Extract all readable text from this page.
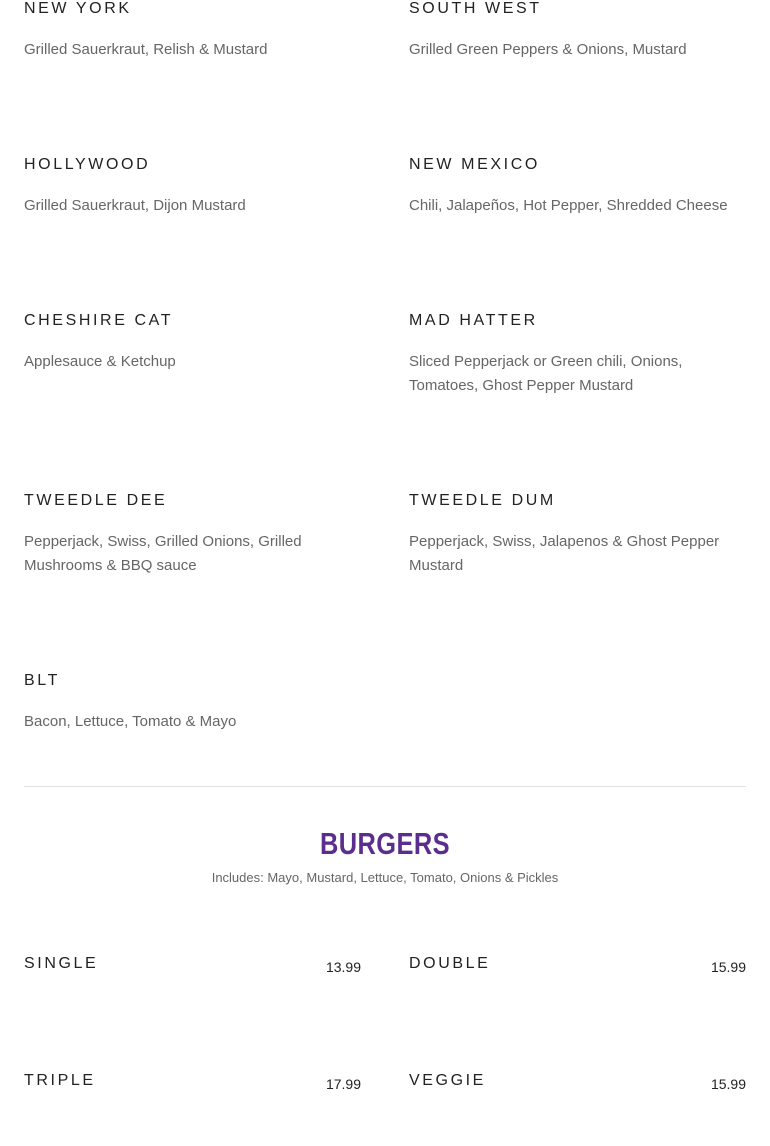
NEW YORK
Grilled Sauerkraut, Relish & Mustard
SOUTH WEST
Grilled Green Peppers & Onions, Mustard
HOLLYWOOD
Grilled Sauerkraut, Dijon Mustard
NEW MEXICO
Chili, Jalapeños, Hot Pepper, Shredded Cheese
CHESHIRE CAT
Applesauce & Ketchup
MAD HATTER
Sliced Pepperjack or Green chili, Onions, Tomatoes, Ghost Pepper Mustard
TWEEDLE DEE
Pepperjack, Swiss, Grilled Onions, Grilled Mushrooms & BBQ sauce
TWEEDLE DUM
Pepperjack, Swiss, Jalapenos & Ghost Pepper Mustard
BLT
Bacon, Lettuce, Tomato & Mayo
BURGERS
Includes: Mayo, Mustard, Lettuce, Tomato, Onions & Pickles
SINGLE	13.99	DOUBLE	15.99
TRIPLE	17.99	VEGGIE	15.99
